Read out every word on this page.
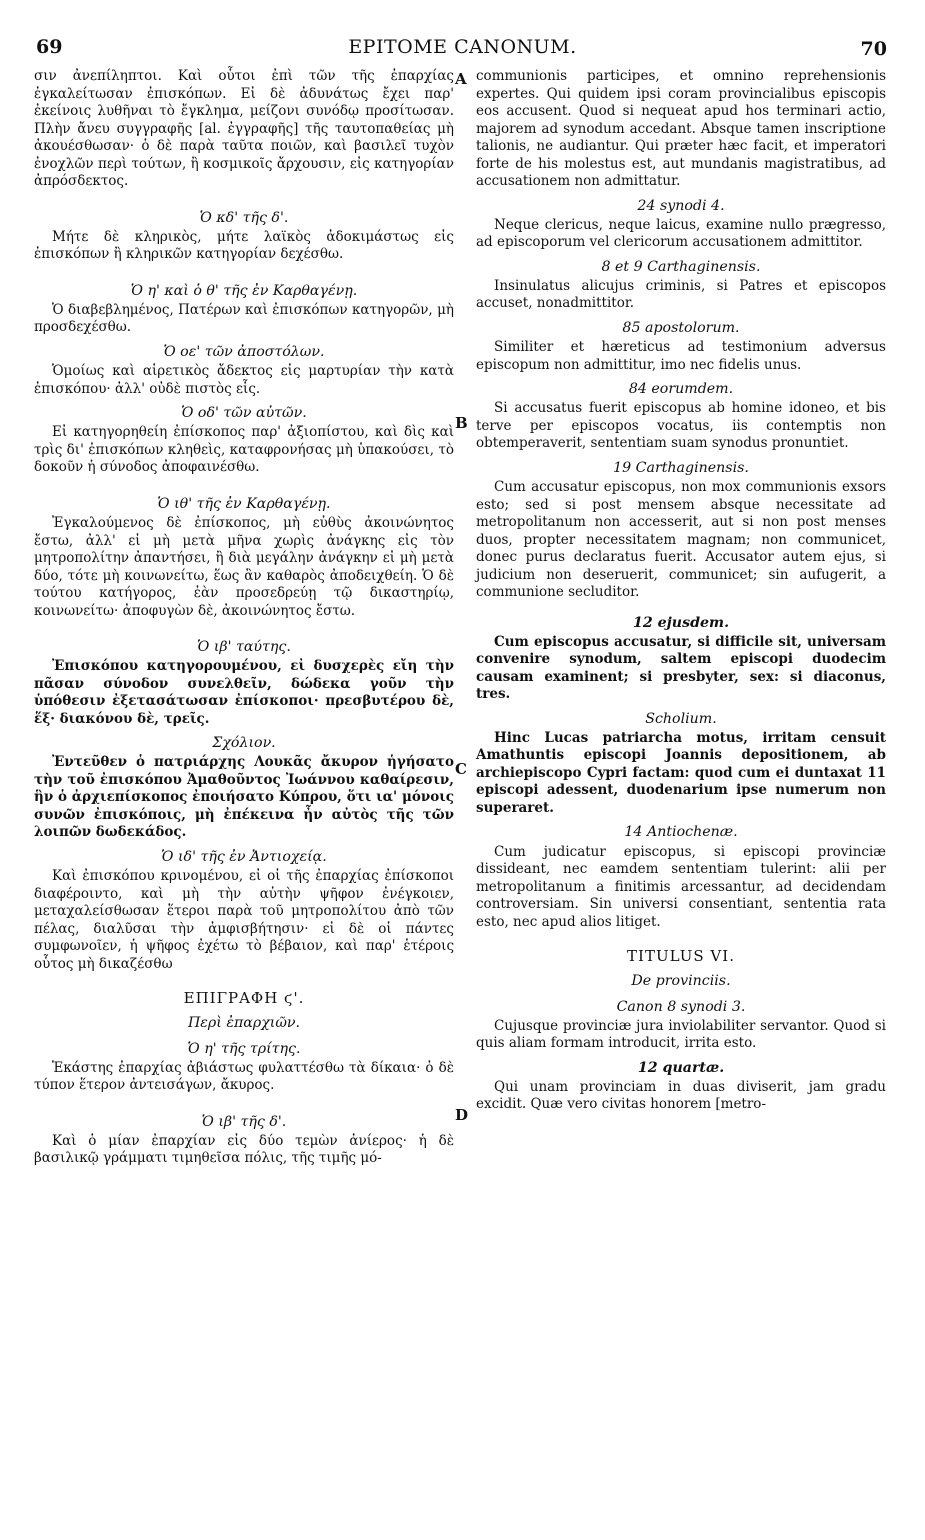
69	EPITOME CANONUM.	70
A
B
C
D

σιν ἀνεπίληπτοι. Καὶ οὗτοι ἐπὶ τῶν τῆς ἐπαρχίας ἐγκαλείτωσαν ἐπισκόπων. Εἰ δὲ ἀδυνάτως ἔχει παρ' ἐκείνοις λυθῆναι τὸ ἔγκλημα, μείζονι συνόδῳ προσίτωσαν. Πλὴν ἄνευ συγγραφῆς [al. ἐγγραφῆς] τῆς ταυτοπαθείας μὴ ἀκουέσθωσαν· ὁ δὲ παρὰ ταῦτα ποιῶν, καὶ βασιλεῖ τυχὸν ἐνοχλῶν περὶ τούτων, ἢ κοσμικοῖς ἄρχουσιν, εἰς κατηγορίαν ἀπρόσδεκτος.

Ὁ κδ' τῆς δ'.

Μήτε δὲ κληρικὸς, μήτε λαϊκὸς ἀδοκιμάστως εἰς ἐπισκόπων ἢ κληρικῶν κατηγορίαν δεχέσθω.

Ὁ η' καὶ ὁ θ' τῆς ἐν Καρθαγένῃ.

Ὁ διαβεβλημένος, Πατέρων καὶ ἐπισκόπων κατηγορῶν, μὴ προσδεχέσθω.

Ὁ οε' τῶν ἀποστόλων.

Ὁμοίως καὶ αἱρετικὸς ἄδεκτος εἰς μαρτυρίαν τὴν κατὰ ἐπισκόπου· ἀλλ' οὐδὲ πιστὸς εἷς.

Ὁ οδ' τῶν αὐτῶν.

Εἰ κατηγορηθείη ἐπίσκοπος παρ' ἀξιοπίστου, καὶ δὶς καὶ τρὶς δι' ἐπισκόπων κληθεὶς, καταφρονήσας μὴ ὑπακούσει, τὸ δοκοῦν ἡ σύνοδος ἀποφαινέσθω.

Ὁ ιθ' τῆς ἐν Καρθαγένῃ.

Ἐγκαλούμενος δὲ ἐπίσκοπος, μὴ εὐθὺς ἀκοινώνητος ἔστω, ἀλλ' εἰ μὴ μετὰ μῆνα χωρὶς ἀνάγκης εἰς τὸν μητροπολίτην ἀπαντήσει, ἢ διὰ μεγάλην ἀνάγκην εἰ μὴ μετὰ δύο, τότε μὴ κοινωνείτω, ἕως ἂν καθαρὸς ἀποδειχθείη. Ὁ δὲ τούτου κατήγορος, ἐὰν προσεδρεύῃ τῷ δικαστηρίῳ, κοινωνείτω· ἀποφυγὼν δὲ, ἀκοινώνητος ἔστω.

Ὁ ιβ' ταύτης.

Ἐπισκόπου κατηγορουμένου, εἰ δυσχερὲς εἴη τὴν πᾶσαν σύνοδον συνελθεῖν, δώδεκα γοῦν τὴν ὑπόθεσιν ἐξετασάτωσαν ἐπίσκοποι· πρεσβυτέρου δὲ, ἕξ· διακόνου δὲ, τρεῖς.

Σχόλιον.

Ἐντεῦθεν ὁ πατριάρχης Λουκᾶς ἄκυρον ἡγήσατο τὴν τοῦ ἐπισκόπου Ἀμαθοῦντος Ἰωάννου καθαίρεσιν, ἣν ὁ ἀρχιεπίσκοπος ἐποιήσατο Κύπρου, ὅτι ια' μόνοις συνῶν ἐπισκόποις, μὴ ἐπέκεινα ἦν αὐτὸς τῆς τῶν λοιπῶν δωδεκάδος.

Ὁ ιδ' τῆς ἐν Ἀντιοχείᾳ.

Καὶ ἐπισκόπου κρινομένου, εἰ οἱ τῆς ἐπαρχίας ἐπίσκοποι διαφέροιντο, καὶ μὴ τὴν αὐτὴν ψῆφον ἐνέγκοιεν, μεταχαλείσθωσαν ἕτεροι παρὰ τοῦ μητροπολίτου ἀπὸ τῶν πέλας, διαλῦσαι τὴν ἀμφισβήτησιν· εἰ δὲ οἱ πάντες συμφωνοῖεν, ἡ ψῆφος ἐχέτω τὸ βέβαιον, καὶ παρ' ἑτέροις οὗτος μὴ δικαζέσθω

ΕΠΙΓΡΑΦΗ ϛ'.

Περὶ ἐπαρχιῶν.

Ὁ η' τῆς τρίτης.

Ἑκάστης ἐπαρχίας ἀβιάστως φυλαττέσθω τὰ δίκαια· ὁ δὲ τύπον ἕτερον ἀντεισάγων, ἄκυρος.

Ὁ ιβ' τῆς δ'.

Καὶ ὁ μίαν ἐπαρχίαν εἰς δύο τεμὼν ἀνίερος· ἡ δὲ βασιλικῷ γράμματι τιμηθεῖσα πόλις, τῆς τιμῆς μό-

communionis participes, et omnino reprehensionis expertes. Qui quidem ipsi coram provincialibus episcopis eos accusent. Quod si nequeat apud hos terminari actio, majorem ad synodum accedant. Absque tamen inscriptione talionis, ne audiantur. Qui præter hæc facit, et imperatori forte de his molestus est, aut mundanis magistratibus, ad accusationem non admittatur.

24 synodi 4.

Neque clericus, neque laicus, examine nullo prægresso, ad episcoporum vel clericorum accusationem admittitor.

8 et 9 Carthaginensis.

Insinulatus alicujus criminis, si Patres et episcopos accuset, nonadmittitor.

85 apostolorum.

Similiter et hæreticus ad testimonium adversus episcopum non admittitur, imo nec fidelis unus.

84 eorumdem.

Si accusatus fuerit episcopus ab homine idoneo, et bis terve per episcopos vocatus, iis contemptis non obtemperaverit, sententiam suam synodus pronuntiet.

19 Carthaginensis.

Cum accusatur episcopus, non mox communionis exsors esto; sed si post mensem absque necessitate ad metropolitanum non accesserit, aut si non post menses duos, propter necessitatem magnam; non communicet, donec purus declaratus fuerit. Accusator autem ejus, si judicium non deseruerit, communicet; sin aufugerit, a communione secluditor.

12 ejusdem.

Cum episcopus accusatur, si difficile sit, universam convenire synodum, saltem episcopi duodecim causam examinent; si presbyter, sex: si diaconus, tres.

Scholium.

Hinc Lucas patriarcha motus, irritam censuit Amathuntis episcopi Joannis depositionem, ab archiepiscopo Cypri factam: quod cum ei duntaxat 11 episcopi adessent, duodenarium ipse numerum non superaret.

14 Antiochenæ.

Cum judicatur episcopus, si episcopi provinciæ dissideant, nec eamdem sententiam tulerint: alii per metropolitanum a finitimis arcessantur, ad decidendam controversiam. Sin universi consentiant, sententia rata esto, nec apud alios litiget.

TITULUS VI.

De provinciis.

Canon 8 synodi 3.

Cujusque provinciæ jura inviolabiliter servantor. Quod si quis aliam formam introducit, irrita esto.

12 quartæ.

Qui unam provinciam in duas diviserit, jam gradu excidit. Quæ vero civitas honorem [metro-
